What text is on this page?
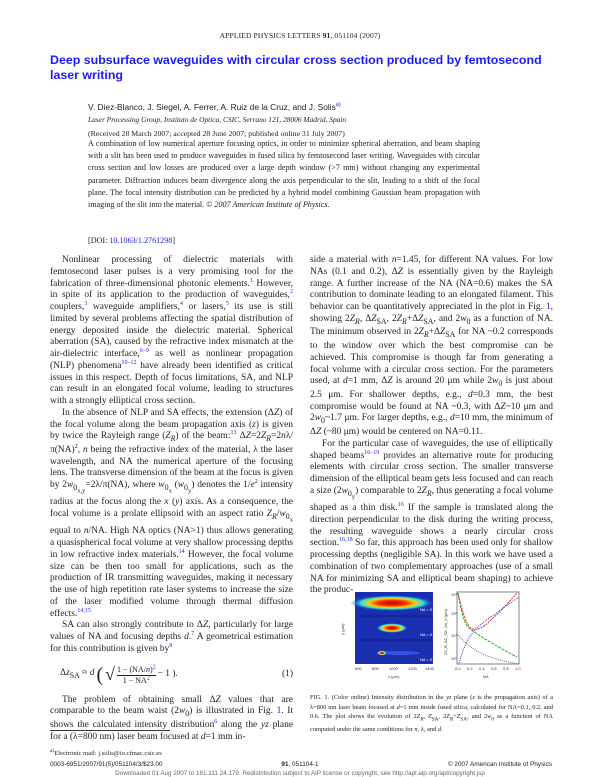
APPLIED PHYSICS LETTERS 91, 051104 (2007)
Deep subsurface waveguides with circular cross section produced by femtosecond laser writing
V. Diez-Blanco, J. Siegel, A. Ferrer, A. Ruiz de la Cruz, and J. Solis$^{a)}$
Laser Processing Group, Instituto de Optica, CSIC, Serrano 121, 28006 Madrid, Spain
(Received 28 March 2007; accepted 28 June 2007; published online 31 July 2007)
A combination of low numerical aperture focusing optics, in order to minimize spherical aberration, and beam shaping with a slit has been used to produce waveguides in fused silica by femtosecond laser writing. Waveguides with circular cross section and low losses are produced over a large depth window (>7 mm) without changing any experimental parameter. Diffraction induces beam divergence along the axis perpendicular to the slit, leading to a shift of the focal plane. The focal intensity distribution can be predicted by a hybrid model combining Gaussian beam propagation with imaging of the slit into the material. © 2007 American Institute of Physics.
[DOI: 10.1063/1.2761298]

Nonlinear processing of dielectric materials with femtosecond laser pulses is a very promising tool for the fabrication of three-dimensional photonic elements.$^1$ However, in spite of its application to the production of waveguides,$^2$ couplers,$^3$ waveguide amplifiers,$^4$ or lasers,$^5$ its use is still limited by several problems affecting the spatial distribution of energy deposited inside the dielectric material. Spherical aberration (SA), caused by the refractive index mismatch at the air-dielectric interface,$^{6-9}$ as well as nonlinear propagation (NLP) phenomena$^{10-12}$ have already been identified as critical issues in this respect. Depth of focus limitations, SA, and NLP can result in an elongated focal volume, leading to structures with a strongly elliptical cross section.

In the absence of NLP and SA effects, the extension (ΔZ) of the focal volume along the beam propagation axis (z) is given by twice the Rayleigh range $(Z_R)$ of the beam:$^{13}$ $\Delta Z=2Z_R=2n\lambda/\pi(NA)^2$, n being the refractive index of the material, λ the laser wavelength, and NA the numerical aperture of the focusing lens. The transverse dimension of the beam at the focus is given by $2w_{0_{x,y}}=2\lambda/\pi(NA)$, where $w_{0_x}$ $(w_{0_y})$ denotes the $1/e^2$ intensity radius at the focus along the x (y) axis. As a consequence, the focal volume is a prolate ellipsoid with an aspect ratio $Z_R/w_{0_x}$ equal to n/NA. High NA optics (NA>1) thus allows generating a quasispherical focal volume at very shallow processing depths in low refractive index materials.$^{14}$ However, the focal volume size can be then too small for applications, such as the production of IR transmitting waveguides, making it necessary the use of high repetition rate laser systems to increase the size of the laser modified volume through thermal diffusion effects.$^{14,15}$

SA can also strongly contribute to ΔZ, particularly for large values of NA and focusing depths d.$^7$ A geometrical estimation for this contribution is given $by^8$

$\Delta z_{SA} \approx d$ ( √ $\frac{1 - (NA/n)^2}{1 - NA^2} - 1$ ).	(1)

The problem of obtaining small ΔZ values that are comparable to the beam waist $(2w_0)$ is illustrated in Fig. 1. It shows the calculated intensity distribution$^6$ along the yz plane for a (λ=800 nm) laser beam focused at d=1 mm in-

side a material with n=1.45, for different NA values. For low NAs (0.1 and 0.2), ΔZ is essentially given by the Rayleigh range. A further increase of the NA (NA=0.6) makes the SA contribution to dominate leading to an elongated filament. This behavior can be quantitatively appreciated in the plot in Fig. 1, showing $2Z_R$, $\Delta Z_{SA}$, $2Z_R+\Delta Z_{SA}$, and $2w_0$ as a function of NA. The minimum observed in $2Z_R+\Delta Z_{SA}$ for NA ~0.2 corresponds to the window over which the best compromise can be achieved. This compromise is though far from generating a focal volume with a circular cross section. For the parameters used, at d=1 mm, ΔZ is around 20 μm while $2w_0$ is just about 2.5 μm. For shallower depths, e.g., d=0.3 mm, the best compromise would be found at NA ~0.3, with ΔZ~10 μm and $2w_0\sim 1.7$ μm. For larger depths, e.g., d=10 mm, the minimum of ΔZ (~80 μm) would be centered on NA=0.11.

For the particular case of waveguides, the use of elliptically shaped beams$^{16-19}$ provides an alternative route for producing elements with circular cross section. The smaller transverse dimension of the elliptical beam gets less focused and can reach a size $(2w_{0_y})$ comparable to $2Z_R$, thus generating a focal volume shaped as a thin disk.$^{16}$ If the sample is translated along the direction perpendicular to the disk during the writing process, the resulting waveguide shows a nearly circular cross section.$^{16,18}$ So far, this approach has been used only for shallow processing depths (negligible SA). In this work we have used a combination of two complementary approaches (use of a small NA for minimizing SA and elliptical beam shaping) to achieve the produc-

NA = 0.1
NA = 0.2
NA = 0.6
600	800	1000	1200 1400
z (μm)
y (μm)
10³
10²
10¹
10⁰
0.0 0.2 0.4 0.6 0.8 1.0
NA
2Z_R, ΔZ_SA, 2w_0 (μm)
FIG. 1. (Color online) Intensity distribution in the yz plane (z is the propagation axis) of a λ=800 nm laser beam focused at d=1 mm inside fused silica, calculated for NA=0.1, 0.2, and 0.6. The plot shows the evolution of $2Z_R$, $Z_{SA}$, $2Z_R+Z_{SA}$, and $2w_0$ as a function of NA computed under the same conditions for n, λ, and d.
$^{a)}$Electronic mail: j.solis@io.cfmac.csic.es
0003-6951/2007/91(5)/051104/3/$23.00	91, 051104-1	© 2007 American Institute of Physics
Downloaded 01 Aug 2007 to 161.111.24.179. Redistribution subject to AIP license or copyright, see http://apl.aip.org/apl/copyright.jsp
